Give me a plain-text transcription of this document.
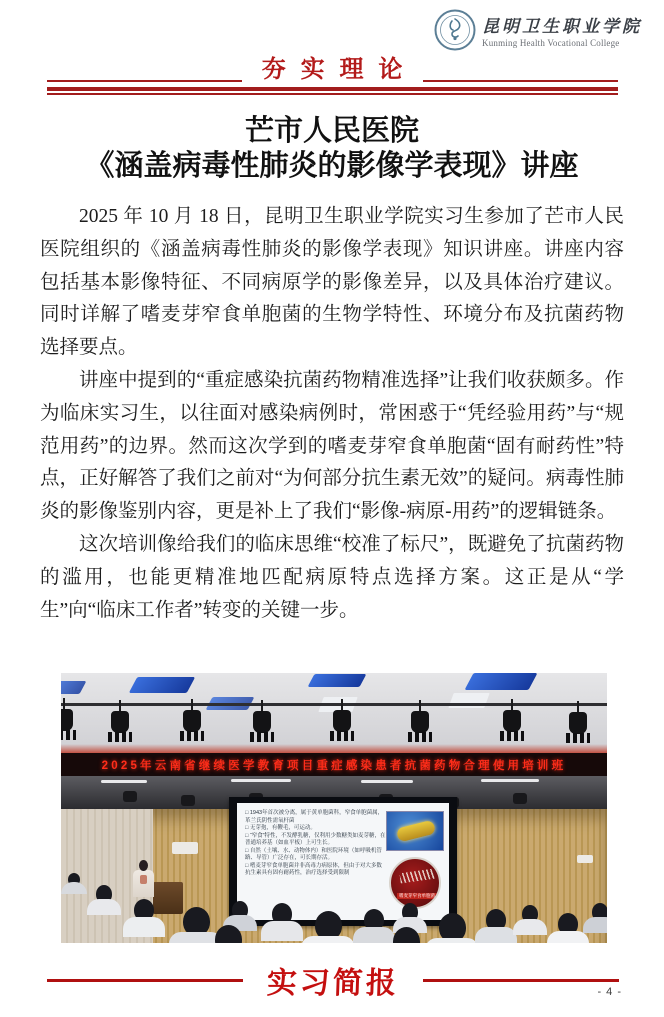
昆明卫生职业学院
Kunming Health Vocational College
夯实理论
芒市人民医院
《涵盖病毒性肺炎的影像学表现》讲座

2025 年 10 月 18 日，昆明卫生职业学院实习生参加了芒市人民医院组织的《涵盖病毒性肺炎的影像学表现》知识讲座。讲座内容包括基本影像特征、不同病原学的影像差异，以及具体治疗建议。同时详解了嗜麦芽窄食单胞菌的生物学特性、环境分布及抗菌药物选择要点。

讲座中提到的“重症感染抗菌药物精准选择”让我们收获颇多。作为临床实习生，以往面对感染病例时，常困惑于“凭经验用药”与“规范用药”的边界。然而这次学到的嗜麦芽窄食单胞菌“固有耐药性”特点，正好解答了我们之前对“为何部分抗生素无效”的疑问。病毒性肺炎的影像鉴别内容，更是补上了我们“影像-病原-用药”的逻辑链条。

这次培训像给我们的临床思维“校准了标尺”，既避免了抗菌药物的滥用，也能更精准地匹配病原特点选择方案。这正是从“学生”向“临床工作者”转变的关键一步。

2025年云南省继续医学教育项目重症感染患者抗菌药物合理使用培训班
□ 1943年首次被分离，属于黄单胞菌科，窄食单胞菌属，革兰氏阴性需氧杆菌
□ 无芽孢，有鞭毛，可运动。
□ “窄食”特性，不发酵乳糖，仅利用少数糖类如麦芽糖，在普通培养基（如血平板）上可生长。
□ 自然（土壤、水、动物体内）和医院环境（如呼吸机管路、导管）广泛存在，可长期存活。
□ 嗜麦芽窄食单胞菌并非高毒力病原体，但由于对大多数抗生素具有固有耐药性，治疗选择受到限制
嗜麦芽窄食单胞菌
实习简报	- 4 -
